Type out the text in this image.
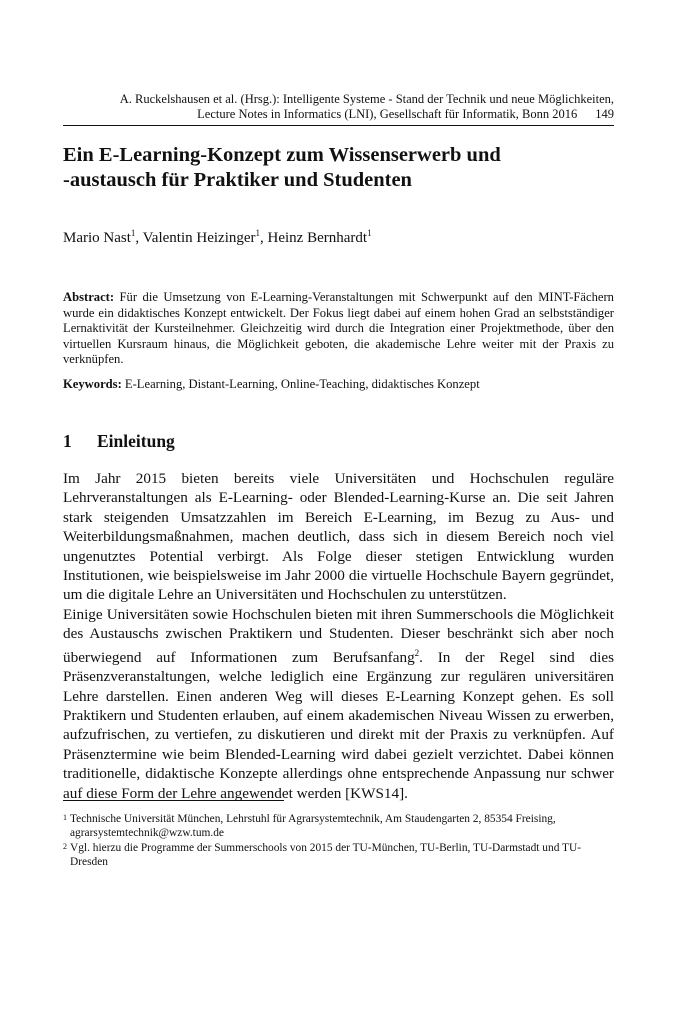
A. Ruckelshausen et al. (Hrsg.): Intelligente Systeme - Stand der Technik und neue Möglichkeiten,
Lecture Notes in Informatics (LNI), Gesellschaft für Informatik, Bonn 2016 149
Ein E-Learning-Konzept zum Wissenserwerb und
-austausch für Praktiker und Studenten
Mario Nast$^1$, Valentin Heizinger$^1$, Heinz Bernhardt$^1$
Abstract: Für die Umsetzung von E-Learning-Veranstaltungen mit Schwerpunkt auf den MINT-Fächern wurde ein didaktisches Konzept entwickelt. Der Fokus liegt dabei auf einem hohen Grad an selbstständiger Lernaktivität der Kursteilnehmer. Gleichzeitig wird durch die Integration einer Projektmethode, über den virtuellen Kursraum hinaus, die Möglichkeit geboten, die akademische Lehre weiter mit der Praxis zu verknüpfen.
Keywords: E-Learning, Distant-Learning, Online-Teaching, didaktisches Konzept
1 Einleitung
Im Jahr 2015 bieten bereits viele Universitäten und Hochschulen reguläre Lehrveranstaltungen als E-Learning- oder Blended-Learning-Kurse an. Die seit Jahren stark steigenden Umsatzzahlen im Bereich E-Learning, im Bezug zu Aus- und Weiterbildungsmaßnahmen, machen deutlich, dass sich in diesem Bereich noch viel ungenutztes Potential verbirgt. Als Folge dieser stetigen Entwicklung wurden Institutionen, wie beispielsweise im Jahr 2000 die virtuelle Hochschule Bayern gegründet, um die digitale Lehre an Universitäten und Hochschulen zu unterstützen.
Einige Universitäten sowie Hochschulen bieten mit ihren Summerschools die Möglichkeit des Austauschs zwischen Praktikern und Studenten. Dieser beschränkt sich aber noch überwiegend auf Informationen zum Berufsanfang$^2$. In der Regel sind dies Präsenzveranstaltungen, welche lediglich eine Ergänzung zur regulären universitären Lehre darstellen. Einen anderen Weg will dieses E-Learning Konzept gehen. Es soll Praktikern und Studenten erlauben, auf einem akademischen Niveau Wissen zu erwerben, aufzufrischen, zu vertiefen, zu diskutieren und direkt mit der Praxis zu verknüpfen. Auf Präsenztermine wie beim Blended-Learning wird dabei gezielt verzichtet. Dabei können traditionelle, didaktische Konzepte allerdings ohne entsprechende Anpassung nur schwer auf diese Form der Lehre angewendet werden [KWS14].
1 Technische Universität München, Lehrstuhl für Agrarsystemtechnik, Am Staudengarten 2, 85354 Freising, agrarsystemtechnik@wzw.tum.de
2 Vgl. hierzu die Programme der Summerschools von 2015 der TU-München, TU-Berlin, TU-Darmstadt und TU-Dresden
